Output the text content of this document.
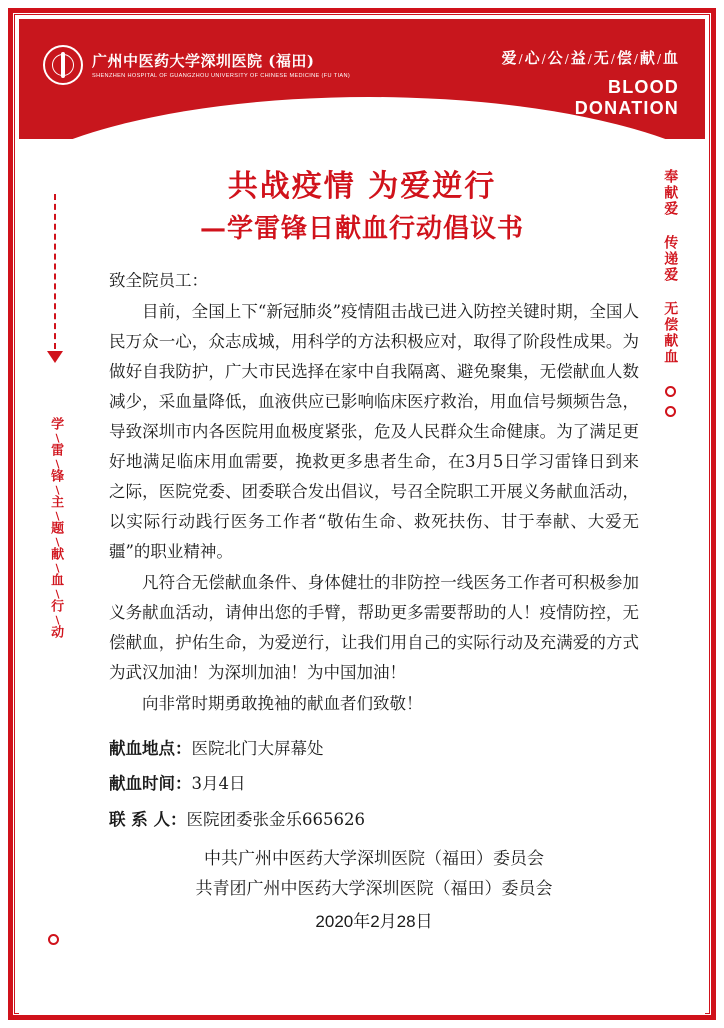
广州中医药大学深圳医院 (福田)
SHENZHEN HOSPITAL OF GUANGZHOU UNIVERSITY OF CHINESE MEDICINE (FU TIAN)
爱/心/公/益/无/偿/献/血
BLOOD
DONATION
共战疫情 为爱逆行
—学雷锋日献血行动倡议书
学﹨雷﹨锋﹨主﹨题﹨献﹨血﹨行﹨动
奉献爱 传递爱 无偿献血

致全院员工：

目前，全国上下“新冠肺炎”疫情阻击战已进入防控关键时期，全国人民万众一心，众志成城，用科学的方法积极应对，取得了阶段性成果。为做好自我防护，广大市民选择在家中自我隔离、避免聚集，无偿献血人数减少，采血量降低，血液供应已影响临床医疗救治，用血信号频频告急，导致深圳市内各医院用血极度紧张，危及人民群众生命健康。为了满足更好地满足临床用血需要，挽救更多患者生命，在3月5日学习雷锋日到来之际，医院党委、团委联合发出倡议，号召全院职工开展义务献血活动，以实际行动践行医务工作者“敬佑生命、救死扶伤、甘于奉献、大爱无疆”的职业精神。

凡符合无偿献血条件、身体健壮的非防控一线医务工作者可积极参加义务献血活动，请伸出您的手臂，帮助更多需要帮助的人！疫情防控，无偿献血，护佑生命，为爱逆行，让我们用自己的实际行动及充满爱的方式为武汉加油！为深圳加油！为中国加油！

向非常时期勇敢挽袖的献血者们致敬！

献血地点：医院北门大屏幕处
献血时间：3月4日
联 系 人：医院团委张金乐665626
中共广州中医药大学深圳医院（福田）委员会
共青团广州中医药大学深圳医院（福田）委员会
2020年2月28日
